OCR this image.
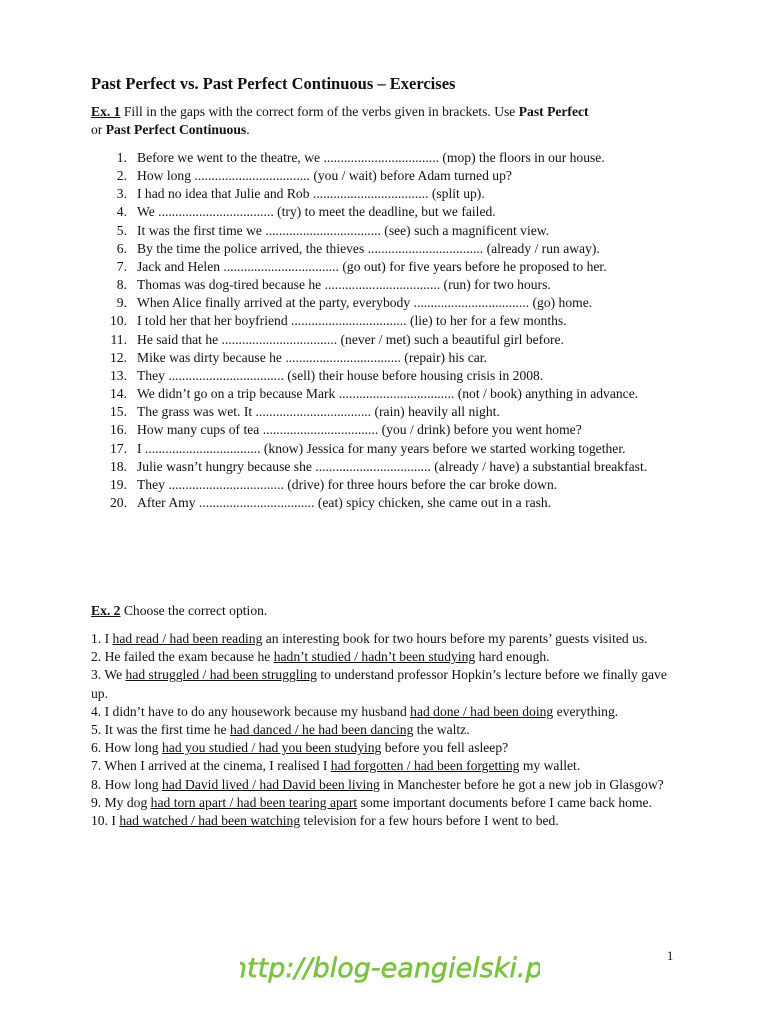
Past Perfect vs. Past Perfect Continuous – Exercises
Ex. 1 Fill in the gaps with the correct form of the verbs given in brackets. Use Past Perfect
or Past Perfect Continuous.
1. Before we went to the theatre, we .................................. (mop) the floors in our house.
2. How long .................................. (you / wait) before Adam turned up?
3. I had no idea that Julie and Rob .................................. (split up).
4. We .................................. (try) to meet the deadline, but we failed.
5. It was the first time we .................................. (see) such a magnificent view.
6. By the time the police arrived, the thieves .................................. (already / run away).
7. Jack and Helen .................................. (go out) for five years before he proposed to her.
8. Thomas was dog-tired because he .................................. (run) for two hours.
9. When Alice finally arrived at the party, everybody .................................. (go) home.
10. I told her that her boyfriend .................................. (lie) to her for a few months.
11. He said that he .................................. (never / met) such a beautiful girl before.
12. Mike was dirty because he .................................. (repair) his car.
13. They .................................. (sell) their house before housing crisis in 2008.
14. We didn’t go on a trip because Mark .................................. (not / book) anything in advance.
15. The grass was wet. It .................................. (rain) heavily all night.
16. How many cups of tea .................................. (you / drink) before you went home?
17. I .................................. (know) Jessica for many years before we started working together.
18. Julie wasn’t hungry because she .................................. (already / have) a substantial breakfast.
19. They .................................. (drive) for three hours before the car broke down.
20. After Amy .................................. (eat) spicy chicken, she came out in a rash.
Ex. 2 Choose the correct option.
1. I had read / had been reading an interesting book for two hours before my parents’ guests visited us.
2. He failed the exam because he hadn’t studied / hadn’t been studying hard enough.
3. We had struggled / had been struggling to understand professor Hopkin’s lecture before we finally gave up.
4. I didn’t have to do any housework because my husband had done / had been doing everything.
5. It was the first time he had danced / he had been dancing the waltz.
6. How long had you studied / had you been studying before you fell asleep?
7. When I arrived at the cinema, I realised I had forgotten / had been forgetting my wallet.
8. How long had David lived / had David been living in Manchester before he got a new job in Glasgow?
9. My dog had torn apart / had been tearing apart some important documents before I came back home.
10. I had watched / had been watching television for a few hours before I went to bed.
1
http://blog-eangielski.pl
